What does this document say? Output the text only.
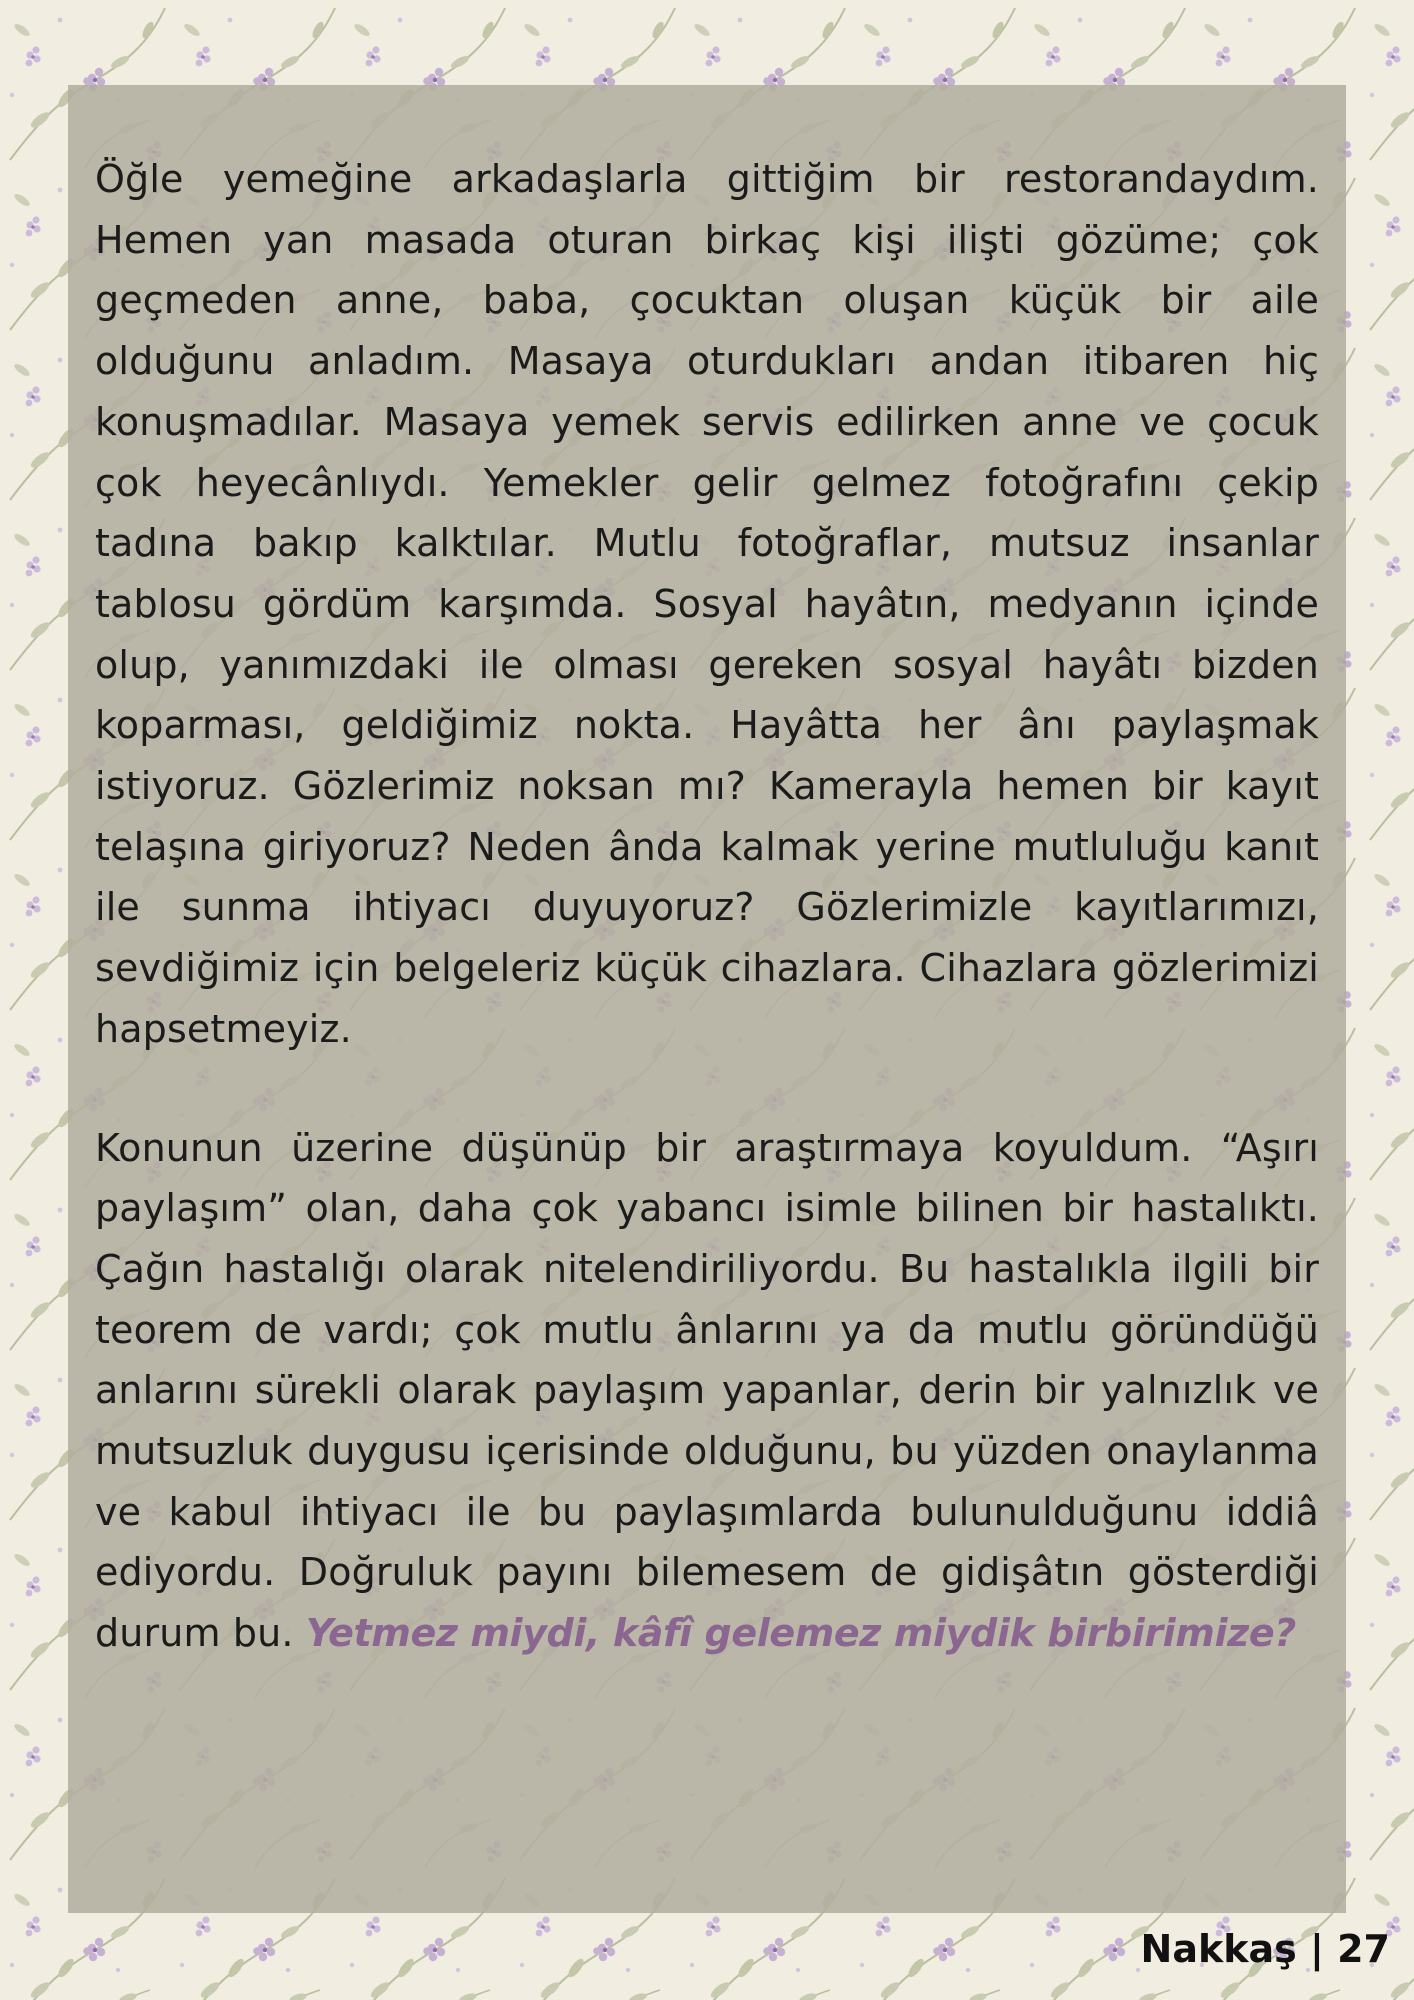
Öğle yemeğine arkadaşlarla gittiğim bir restorandaydım. Hemen yan masada oturan birkaç kişi ilişti gözüme; çok geçmeden anne, baba, çocuktan oluşan küçük bir aile olduğunu anladım. Masaya oturdukları andan itibaren hiç konuşmadılar. Masaya yemek servis edilirken anne ve çocuk çok heyecânlıydı. Yemekler gelir gelmez fotoğrafını çekip tadına bakıp kalktılar. Mutlu fotoğraflar, mutsuz insanlar tablosu gördüm karşımda. Sosyal hayâtın, medyanın içinde olup, yanımızdaki ile olması gereken sosyal hayâtı bizden koparması, geldiğimiz nokta. Hayâtta her ânı paylaşmak istiyoruz. Gözlerimiz noksan mı? Kamerayla hemen bir kayıt telaşına giriyoruz? Neden ânda kalmak yerine mutluluğu kanıt ile sunma ihtiyacı duyuyoruz? Gözlerimizle kayıtlarımızı, sevdiğimiz için belgeleriz küçük cihazlara. Cihazlara gözlerimizi hapsetmeyiz.

Konunun üzerine düşünüp bir araştırmaya koyuldum. “Aşırı paylaşım” olan, daha çok yabancı isimle bilinen bir hastalıktı. Çağın hastalığı olarak nitelendiriliyordu. Bu hastalıkla ilgili bir teorem de vardı; çok mutlu ânlarını ya da mutlu göründüğü anlarını sürekli olarak paylaşım yapanlar, derin bir yalnızlık ve mutsuzluk duygusu içerisinde olduğunu, bu yüzden onaylanma ve kabul ihtiyacı ile bu paylaşımlarda bulunulduğunu iddiâ ediyordu. Doğruluk payını bilemesem de gidişâtın gösterdiği durum bu. Yetmez miydi, kâfî gelemez miydik birbirimize?

Nakkaş | 27
